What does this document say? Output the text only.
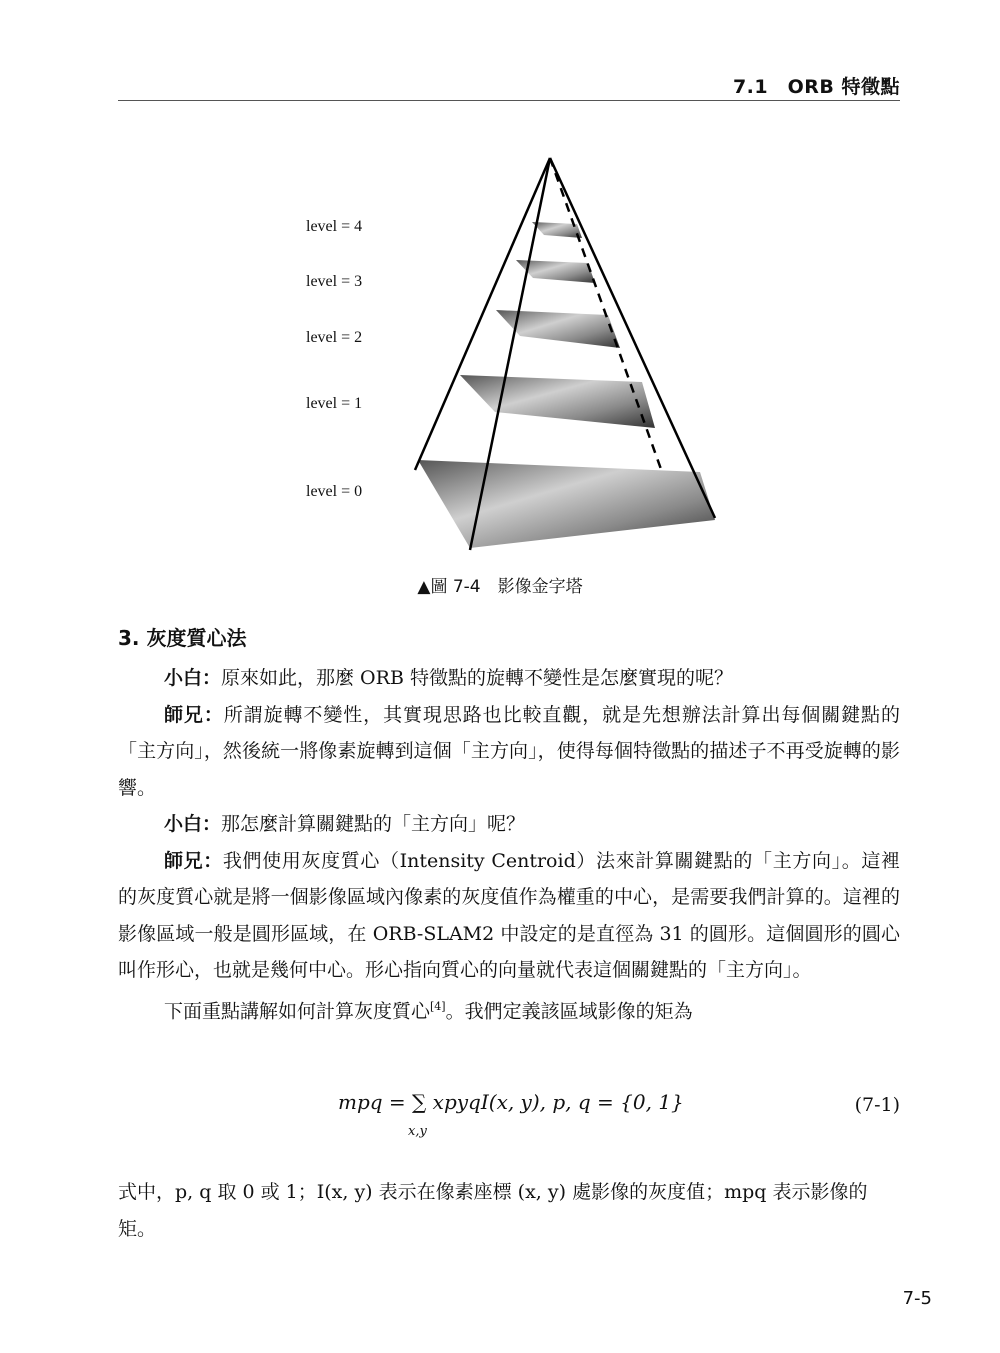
7.1　ORB 特徵點
level = 4
level = 3
level = 2
level = 1
level = 0
▲圖 7-4　影像金字塔
3. 灰度質心法

小白：原來如此，那麼 ORB 特徵點的旋轉不變性是怎麼實現的呢？

師兄：所謂旋轉不變性，其實現思路也比較直觀，就是先想辦法計算出每個關鍵點的「主方向」，然後統一將像素旋轉到這個「主方向」，使得每個特徵點的描述子不再受旋轉的影響。

小白：那怎麼計算關鍵點的「主方向」呢？

師兄：我們使用灰度質心（Intensity Centroid）法來計算關鍵點的「主方向」。這裡的灰度質心就是將一個影像區域內像素的灰度值作為權重的中心，是需要我們計算的。這裡的影像區域一般是圓形區域，在 ORB-SLAM2 中設定的是直徑為 31 的圓形。這個圓形的圓心叫作形心，也就是幾何中心。形心指向質心的向量就代表這個關鍵點的「主方向」。

下面重點講解如何計算灰度質心[4]。我們定義該區域影像的矩為

mpq = ∑ xpyqI(x, y), p, q = {0, 1}
x,y
(7-1)

式中，p, q 取 0 或 1；I(x, y) 表示在像素座標 (x, y) 處影像的灰度值；mpq 表示影像的矩。

7-5
